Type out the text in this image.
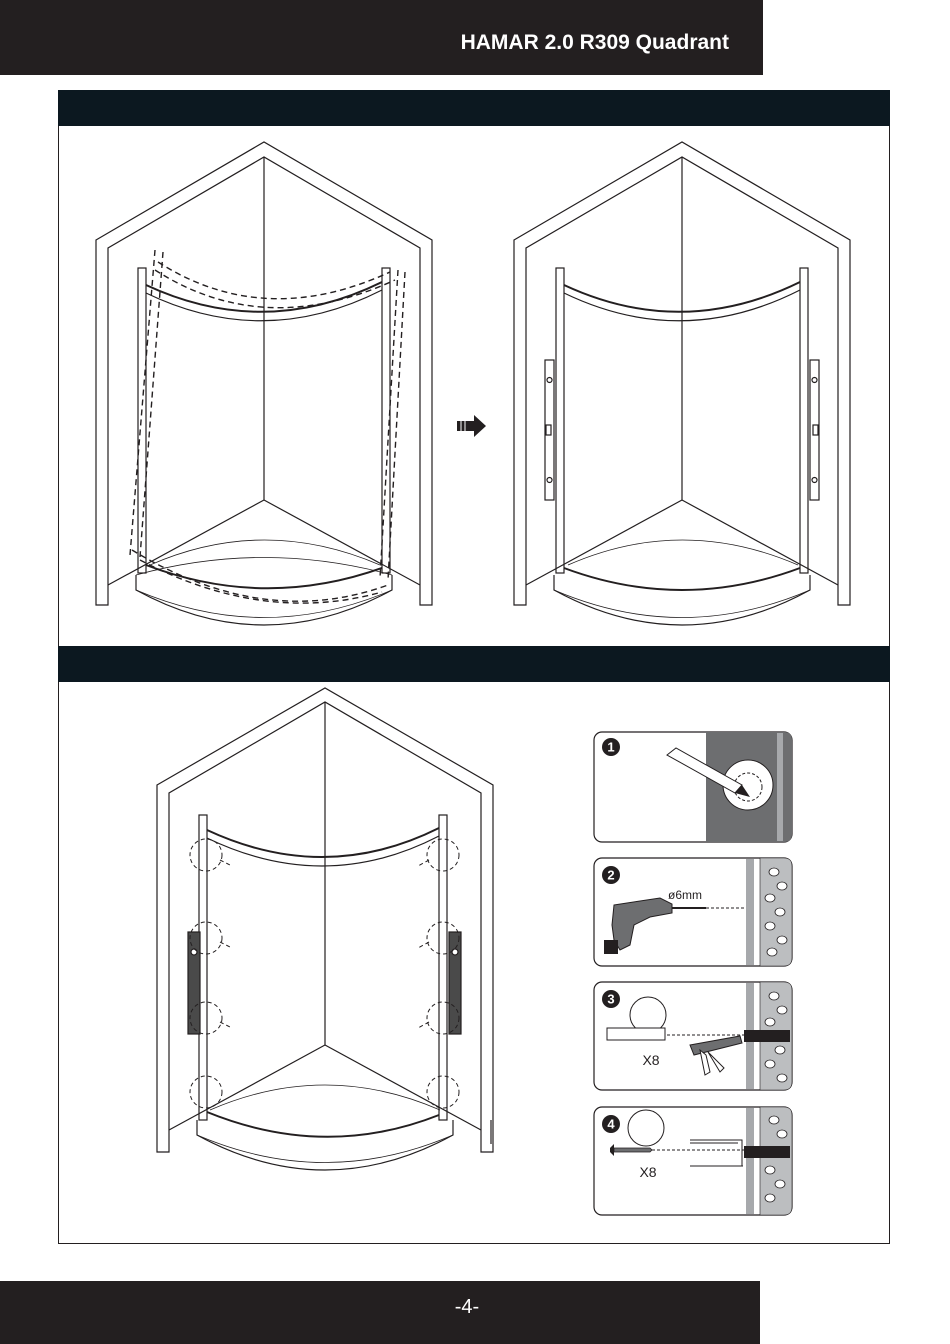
HAMAR 2.0 R309 Quadrant
1
ø6mm
2
X8
3
X8
4
-4-
